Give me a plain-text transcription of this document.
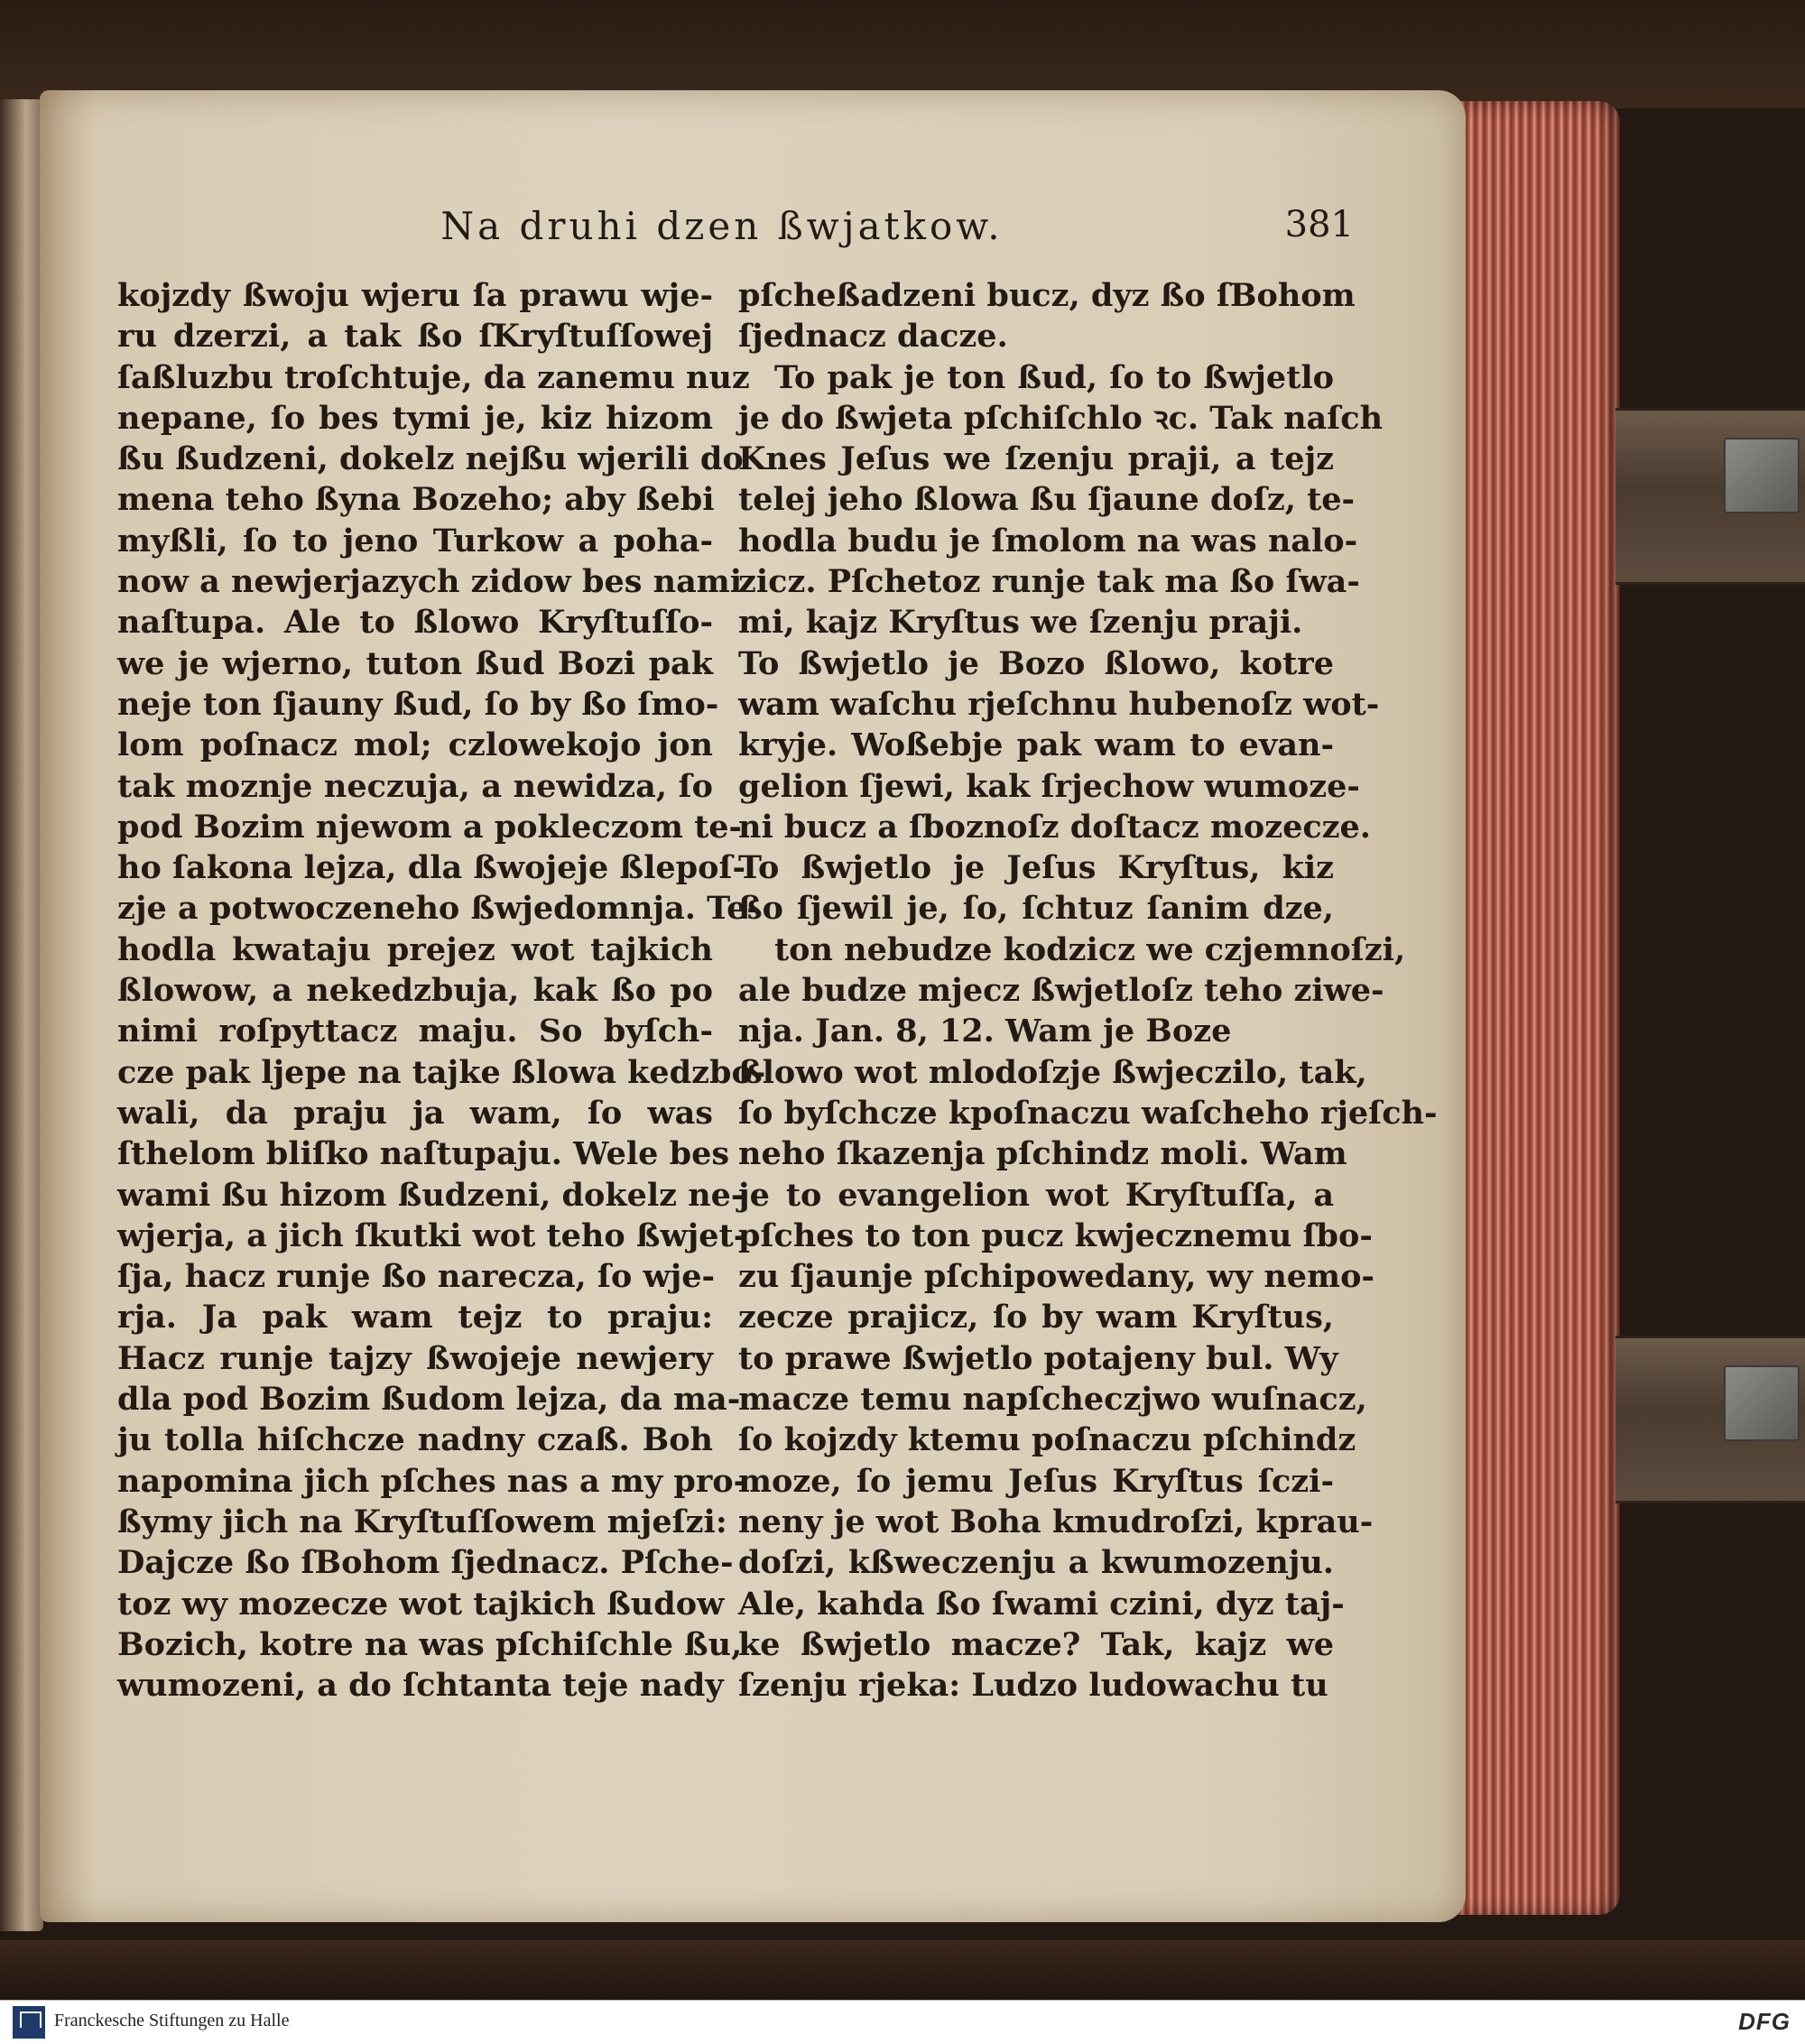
Na druhi dzen ßwjatkow.	381
kojzdy ßwoju wjeru ſa prawu wje-
ru dzerzi, a tak ßo ſKryſtuſſowej
ſaßluzbu troſchtuje, da zanemu nuz
nepane, ſo bes tymi je, kiz hizom
ßu ßudzeni, dokelz nejßu wjerili do
mena teho ßyna Bozeho; aby ßebi
myßli, ſo to jeno Turkow a poha-
now a newjerjazych zidow bes nami
naſtupa. Ale to ßlowo Kryſtuſſo-
we je wjerno, tuton ßud Bozi pak
neje ton ſjauny ßud, ſo by ßo ſmo-
lom poſnacz mol; czlowekojo jon
tak moznje neczuja, a newidza, ſo
pod Bozim njewom a pokleczom te-
ho ſakona lejza, dla ßwojeje ßlepoſ-
zje a potwoczeneho ßwjedomnja. Te-
hodla kwataju prejez wot tajkich
ßlowow, a nekedzbuja, kak ßo po
nimi roſpyttacz maju. So byſch-
cze pak ljepe na tajke ßlowa kedzbo-
wali, da praju ja wam, ſo was
ſthelom bliſko naſtupaju. Wele bes
wami ßu hizom ßudzeni, dokelz ne-
wjerja, a jich ſkutki wot teho ßwjet-
ſja, hacz runje ßo narecza, ſo wje-
rja. Ja pak wam tejz to praju:
Hacz runje tajzy ßwojeje newjery
dla pod Bozim ßudom lejza, da ma-
ju tolla hiſchcze nadny czaß. Boh
napomina jich pſches nas a my pro-
ßymy jich na Kryſtuſſowem mjeſzi:
Dajcze ßo ſBohom ſjednacz. Pſche-
toz wy mozecze wot tajkich ßudow
Bozich, kotre na was pſchiſchle ßu,
wumozeni, a do ſchtanta teje nady
pſcheßadzeni bucz, dyz ßo ſBohom
ſjednacz dacze.
To pak je ton ßud, ſo to ßwjetlo
je do ßwjeta pſchiſchlo ꝛc. Tak naſch
Knes Jeſus we ſzenju praji, a tejz
telej jeho ßlowa ßu ſjaune doſz, te-
hodla budu je ſmolom na was nalo-
zicz. Pſchetoz runje tak ma ßo ſwa-
mi, kajz Kryſtus we ſzenju praji.
To ßwjetlo je Bozo ßlowo, kotre
wam waſchu rjeſchnu hubenoſz wot-
kryje. Woßebje pak wam to evan-
gelion ſjewi, kak ſrjechow wumoze-
ni bucz a ſboznoſz doſtacz mozecze.
To ßwjetlo je Jeſus Kryſtus, kiz
ßo ſjewil je, ſo, ſchtuz ſanim dze,
ton nebudze kodzicz we czjemnoſzi,
ale budze mjecz ßwjetloſz teho ziwe-
nja. Jan. 8, 12. Wam je Boze
ßlowo wot mlodoſzje ßwjeczilo, tak,
ſo byſchcze kpoſnaczu waſcheho rjeſch-
neho ſkazenja pſchindz moli. Wam
je to evangelion wot Kryſtuſſa, a
pſches to ton pucz kwjecznemu ſbo-
zu ſjaunje pſchipowedany, wy nemo-
zecze prajicz, ſo by wam Kryſtus,
to prawe ßwjetlo potajeny bul. Wy
macze temu napſcheczjwo wuſnacz,
ſo kojzdy ktemu poſnaczu pſchindz
moze, ſo jemu Jeſus Kryſtus ſczi-
neny je wot Boha kmudroſzi, kprau-
doſzi, kßweczenju a kwumozenju.
Ale, kahda ßo ſwami czini, dyz taj-
ke ßwjetlo macze? Tak, kajz we
ſzenju rjeka: Ludzo ludowachu tu
Franckesche Stiftungen zu Halle	DFG
